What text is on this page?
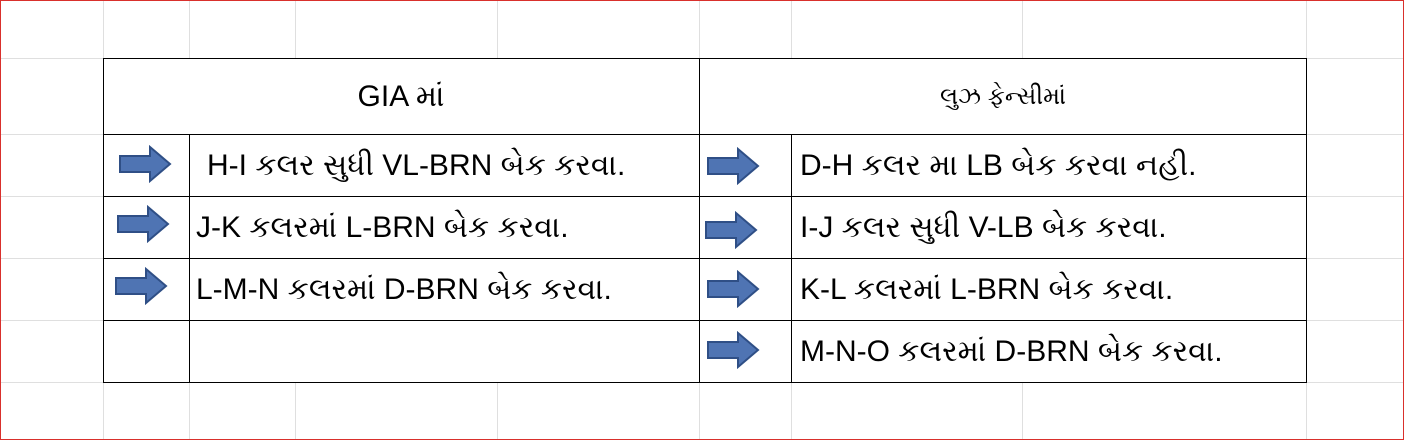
GIA માં	લુઝ ફેન્સીમાં
H-I કલર સુધી VL-BRN બેક કરવા.
J-K કલરમાં L-BRN બેક કરવા.
L-M-N કલરમાં D-BRN બેક કરવા.
D-H કલર મા LB બેક કરવા નહી.
I-J કલર સુધી V-LB બેક કરવા.
K-L કલરમાં L-BRN બેક કરવા.
M-N-O કલરમાં D-BRN બેક કરવા.
